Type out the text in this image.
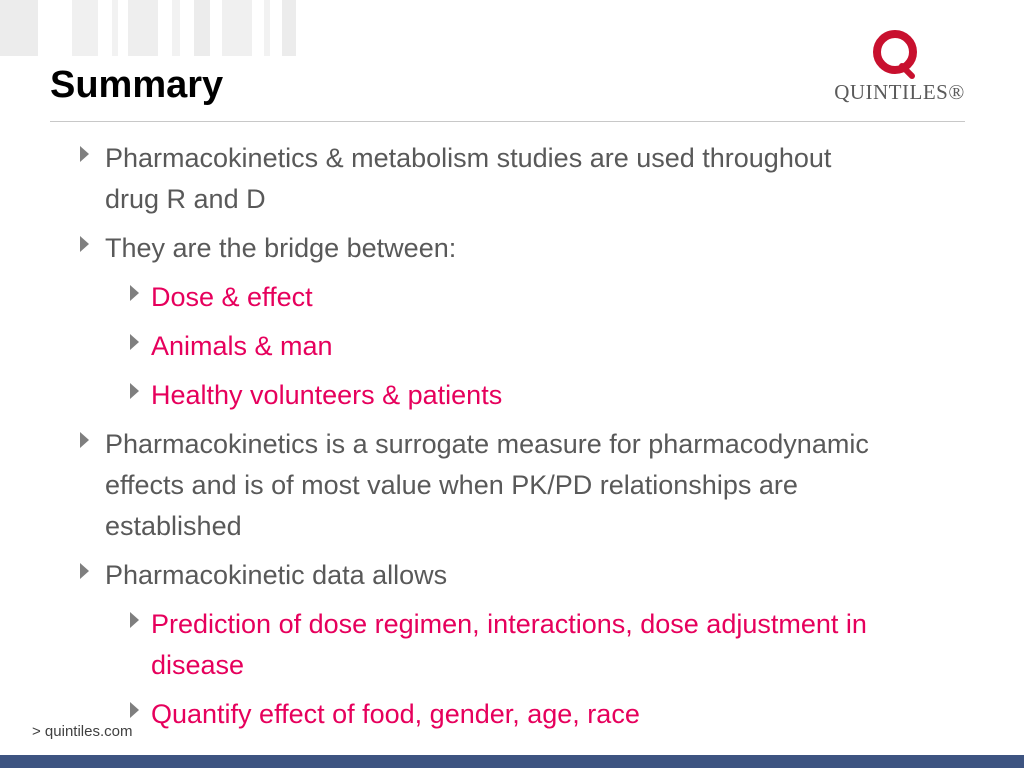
Summary	QUINTILES®
Pharmacokinetics & metabolism studies are used throughout drug R and D
They are the bridge between:
Dose & effect
Animals & man
Healthy volunteers & patients
Pharmacokinetics is a surrogate measure for pharmacodynamic effects and is of most value when PK/PD relationships are established
Pharmacokinetic data allows
Prediction of dose regimen, interactions, dose adjustment in disease
Quantify effect of food, gender, age, race
> quintiles.com
